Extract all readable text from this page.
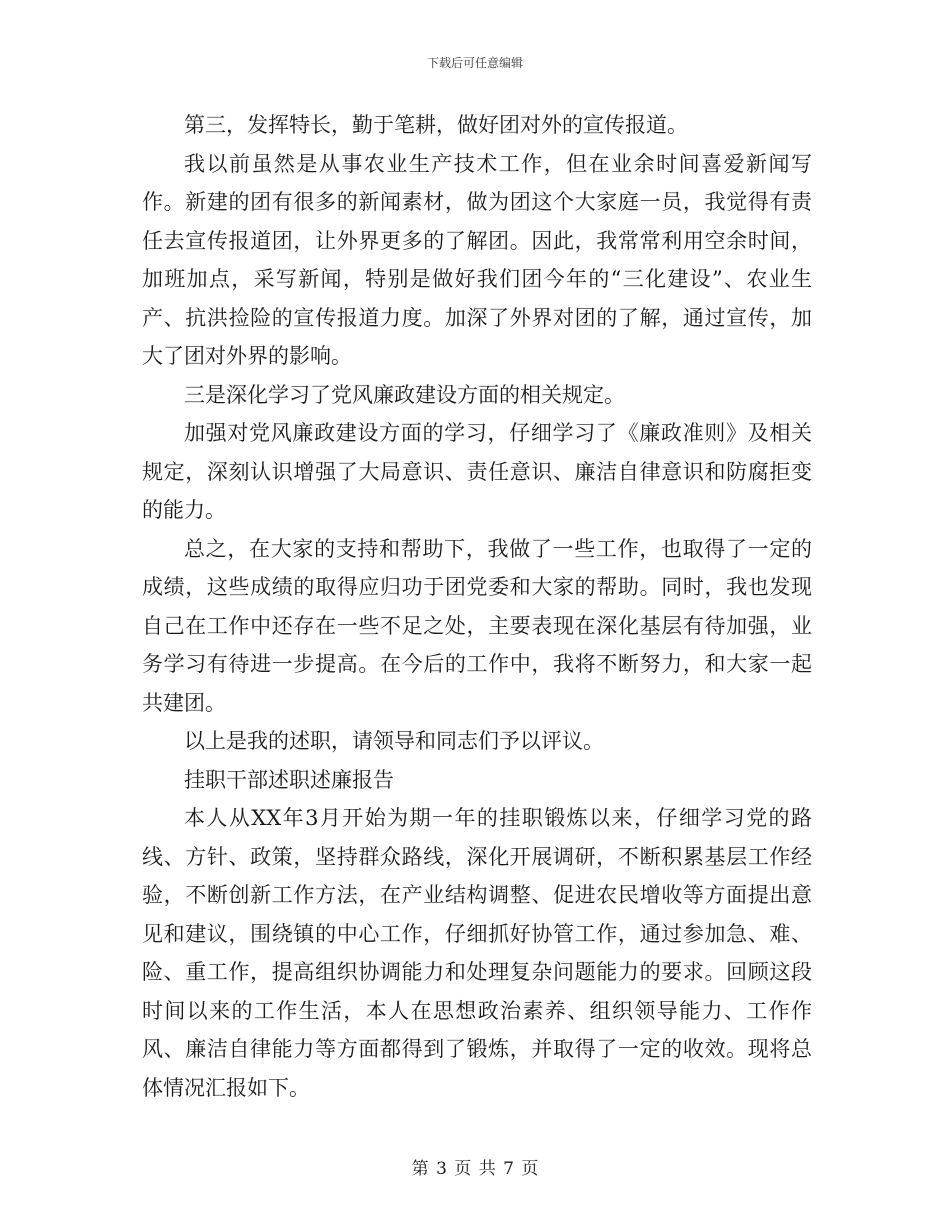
下载后可任意编辑

第三，发挥特长，勤于笔耕，做好团对外的宣传报道。

我以前虽然是从事农业生产技术工作，但在业余时间喜爱新闻写作。新建的团有很多的新闻素材，做为团这个大家庭一员，我觉得有责任去宣传报道团，让外界更多的了解团。因此，我常常利用空余时间，加班加点，采写新闻，特别是做好我们团今年的“三化建设”、农业生产、抗洪捡险的宣传报道力度。加深了外界对团的了解，通过宣传，加大了团对外界的影响。

三是深化学习了党风廉政建设方面的相关规定。

加强对党风廉政建设方面的学习，仔细学习了《廉政准则》及相关规定，深刻认识增强了大局意识、责任意识、廉洁自律意识和防腐拒变的能力。

总之，在大家的支持和帮助下，我做了一些工作，也取得了一定的成绩，这些成绩的取得应归功于团党委和大家的帮助。同时，我也发现自己在工作中还存在一些不足之处，主要表现在深化基层有待加强，业务学习有待进一步提高。在今后的工作中，我将不断努力，和大家一起共建团。

以上是我的述职，请领导和同志们予以评议。

挂职干部述职述廉报告

本人从XX年3月开始为期一年的挂职锻炼以来，仔细学习党的路线、方针、政策，坚持群众路线，深化开展调研，不断积累基层工作经验，不断创新工作方法，在产业结构调整、促进农民增收等方面提出意见和建议，围绕镇的中心工作，仔细抓好协管工作，通过参加急、难、险、重工作，提高组织协调能力和处理复杂问题能力的要求。回顾这段时间以来的工作生活，本人在思想政治素养、组织领导能力、工作作风、廉洁自律能力等方面都得到了锻炼，并取得了一定的收效。现将总体情况汇报如下。

第 3 页 共 7 页
